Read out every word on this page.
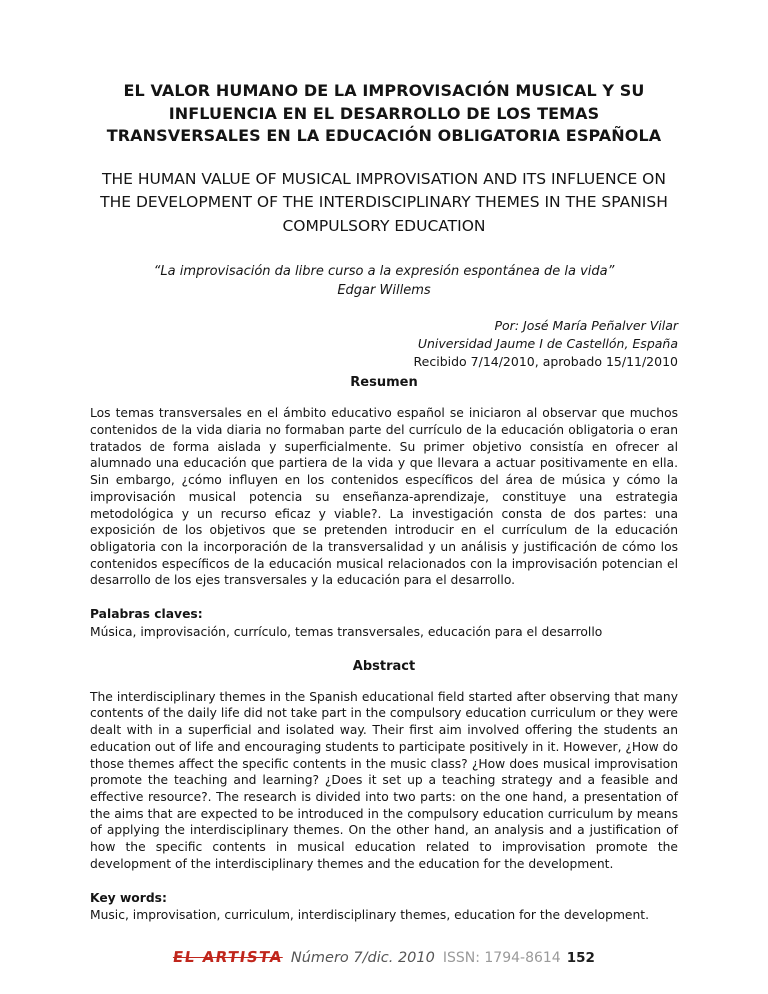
EL VALOR HUMANO DE LA IMPROVISACIÓN MUSICAL Y SU INFLUENCIA EN EL DESARROLLO DE LOS TEMAS TRANSVERSALES EN LA EDUCACIÓN OBLIGATORIA ESPAÑOLA
THE HUMAN VALUE OF MUSICAL IMPROVISATION AND ITS INFLUENCE ON THE DEVELOPMENT OF THE INTERDISCIPLINARY THEMES IN THE SPANISH COMPULSORY EDUCATION
“La improvisación da libre curso a la expresión espontánea de la vida”
Edgar Willems
Por: José María Peñalver Vilar
Universidad Jaume I de Castellón, España
Recibido 7/14/2010, aprobado 15/11/2010
Resumen

Los temas transversales en el ámbito educativo español se iniciaron al observar que muchos contenidos de la vida diaria no formaban parte del currículo de la educación obligatoria o eran tratados de forma aislada y superficialmente. Su primer objetivo consistía en ofrecer al alumnado una educación que partiera de la vida y que llevara a actuar positivamente en ella. Sin embargo, ¿cómo influyen en los contenidos específicos del área de música y cómo la improvisación musical potencia su enseñanza-aprendizaje, constituye una estrategia metodológica y un recurso eficaz y viable?. La investigación consta de dos partes: una exposición de los objetivos que se pretenden introducir en el currículum de la educación obligatoria con la incorporación de la transversalidad y un análisis y justificación de cómo los contenidos específicos de la educación musical relacionados con la improvisación potencian el desarrollo de los ejes transversales y la educación para el desarrollo.

Palabras claves:
Música, improvisación, currículo, temas transversales, educación para el desarrollo
Abstract

The interdisciplinary themes in the Spanish educational field started after observing that many contents of the daily life did not take part in the compulsory education curriculum or they were dealt with in a superficial and isolated way. Their first aim involved offering the students an education out of life and encouraging students to participate positively in it. However, ¿How do those themes affect the specific contents in the music class? ¿How does musical improvisation promote the teaching and learning? ¿Does it set up a teaching strategy and a feasible and effective resource?. The research is divided into two parts: on the one hand, a presentation of the aims that are expected to be introduced in the compulsory education curriculum by means of applying the interdisciplinary themes. On the other hand, an analysis and a justification of how the specific contents in musical education related to improvisation promote the development of the interdisciplinary themes and the education for the development.

Key words:
Music, improvisation, curriculum, interdisciplinary themes, education for the development.
EL ARTISTA Número 7/dic. 2010 ISSN: 1794-8614 152
